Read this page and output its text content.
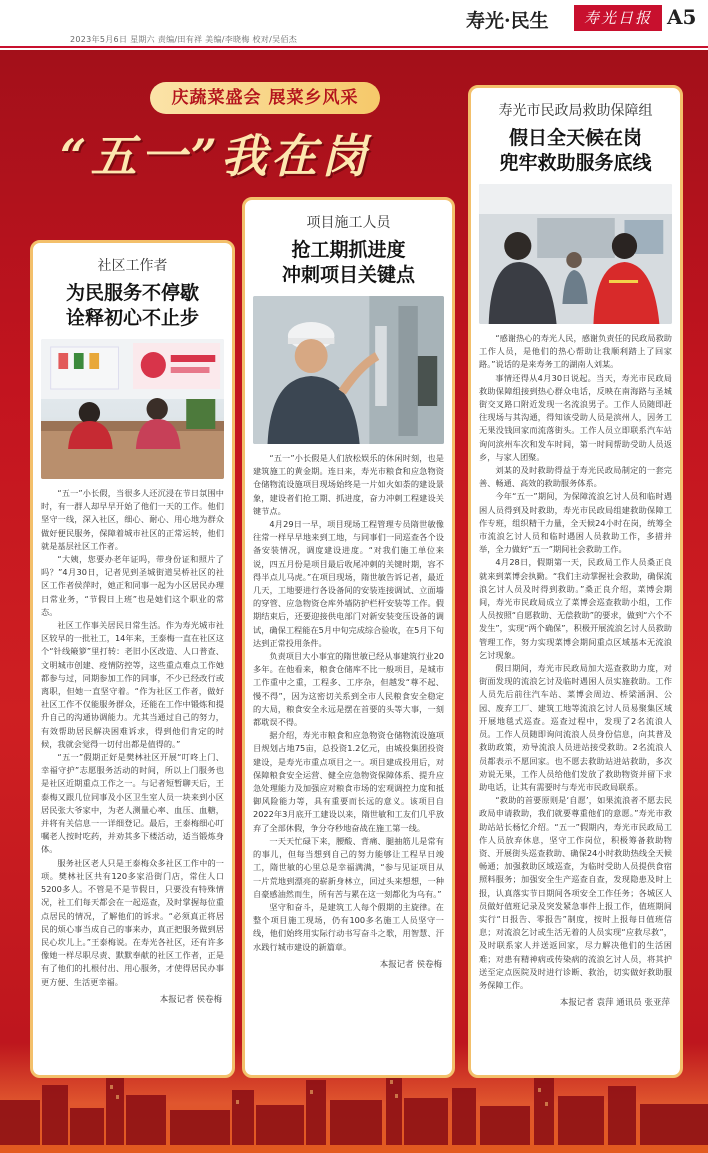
寿光·民生	寿光日报 A5
2023年5月6日 星期六 责编/田有祥 美编/李晓梅 校对/吴佰杰
庆蔬菜盛会 展菜乡风采
“五一”我在岗
社区工作者
为民服务不停歇
诠释初心不止步

“五一”小长假，当很多人还沉浸在节日氛围中时，有一群人却早早开始了他们一天的工作。他们坚守一线，深入社区，细心、耐心、用心地为群众做好便民服务，保障着城市社区的正常运转，他们就是基层社区工作者。

“大姨，您要办老年证吗，带身份证和照片了吗？”4月30日，记者见到圣城街道吴桥社区的社区工作者侯萍时，她正和同事一起为小区居民办理日常业务，“节假日上班”也是她们这个职业的常态。

社区工作事关居民日常生活。作为寿光城市社区较早的一批社工，14年来，王泰梅一直在社区这个“针线簸箩”里打转：老旧小区改造、人口普查、文明城市创建、疫情防控等，这些重点难点工作她都参与过，同期参加工作的同事，不少已经改行或离职，但她一直坚守着。“作为社区工作者，做好社区工作不仅能服务群众，还能在工作中锻炼和提升自己的沟通协调能力。尤其当通过自己的努力，有效帮助居民解决困难诉求，得到他们肯定的时候，我就会觉得一切付出都是值得的。”

“五一”假期正好是樊林社区开展“叮咚上门、幸福守护”志愿服务活动的时间，所以上门服务也是社区近期重点工作之一。与记者短暂聊天后，王泰梅又跟几位同事及小区卫生室人员一块来到小区居民张大爷家中，为老人测量心率、血压、血糖，并将有关信息一一详细登记。最后，王泰梅细心叮嘱老人按时吃药，并劝其多下楼活动，适当锻炼身体。

服务社区老人只是王泰梅众多社区工作中的一项。樊林社区共有120多家沿街门店，常住人口5200多人。不管是不是节假日，只要没有特殊情况，社工们每天都会在一起巡查，及时掌握每位重点居民的情况，了解他们的诉求。“必须真正将居民的烦心事当成自己的事来办，真正把服务做到居民心坎儿上。”王泰梅说。在寿光各社区，还有许多像她一样尽职尽责、默默奉献的社区工作者，正是有了他们的扎根付出、用心服务，才使得居民办事更方便、生活更幸福。

本报记者 侯卷梅
项目施工人员
抢工期抓进度
冲刺项目关键点

“五一”小长假是人们放松娱乐的休闲时刻，也是建筑施工的黄金期。连日来，寿光市粮食和应急物资仓储物流设施项目现场始终是一片如火如荼的建设景象，建设者们抢工期、抓进度，奋力冲刺工程建设关键节点。

4月29日一早，项目现场工程管理专员隋世敏像往常一样早早地来到工地，与同事们一同巡查各个设备安装情况，调度建设进度。“对我们施工单位来说，四五月份是项目最后收尾冲刺的关键时期，容不得半点儿马虎。”在项目现场，隋世敏告诉记者，最近几天，工地要进行各设备间的安装连接调试、立面墙的穿管、应急物资仓库外墙防护栏杆安装等工作。假期结束后，还要迎接供电部门对新安装变压设备的调试，确保工程能在5月中旬完成综合验收，在5月下旬达到正常投用条件。

负责项目大小事宜的隋世敏已经从事建筑行业20多年。在他看来，粮食仓储库不比一般项目，是城市工作重中之重，工程多、工序杂，但越发“尊不起、慢不得”，因为这密切关系到全市人民粮食安全稳定的大局，粮食安全永远是摆在首要的头等大事，一刻都耽误不得。

据介绍，寿光市粮食和应急物资仓储物流设施项目规划占地75亩，总投资1.2亿元，由城投集团投资建设，是寿光市重点项目之一。项目建成投用后，对保障粮食安全运营、健全应急物资保障体系、提升应急处理能力及加强应对粮食市场的宏观调控力度和抵御风险能力等，具有重要而长远的意义。该项目自2022年3月底开工建设以来，隋世敏和工友们几乎放弃了全部休假，争分夺秒地奋战在施工第一线。

一天天忙碌下来，腰酸、背痛、腿抽筋儿是常有的事儿，但每当想到自己的努力能够让工程早日竣工，隋世敏的心里总是幸福满满，“参与见证项目从一片荒地到漂亮的崭新身林立，回过头来想想，一种自豪感油然而生，所有苦与累在这一刻都化为乌有。”

坚守和奋斗，是建筑工人每个假期的主旋律。在整个项目施工现场，仍有100多名施工人员坚守一线，他们始终用实际行动书写奋斗之歌，用智慧、汗水践行城市建设的新篇章。

本报记者 侯卷梅
寿光市民政局救助保障组
假日全天候在岗
兜牢救助服务底线

“感谢热心的寿光人民，感谢负责任的民政局救助工作人员，是他们的热心帮助让我顺利踏上了回家路。”说话的是来寿务工的湖南人刘某。

事情还得从4月30日说起。当天，寿光市民政局救助保障组接到热心群众电话，反映在南海路与圣城街交叉路口附近发现一名流浪男子。工作人员随即赶往现场与其沟通，得知该受助人员是滨州人，因务工无果没钱回家而流落街头。工作人员立即联系汽车站询问滨州车次和发车时间，第一时间帮助受助人员返乡，与家人团聚。

刘某的及时救助得益于寿光民政局制定的一套完善、畅通、高效的救助服务体系。

今年“五一”期间，为保障流浪乞讨人员和临时遇困人员得到及时救助，寿光市民政局组建救助保障工作专班，组织精干力量，全天候24小时在岗，统筹全市流浪乞讨人员和临时遇困人员救助工作，多措并举，全力做好“五一”期间社会救助工作。

4月28日，假期第一天，民政局工作人员桑正良就来到菜博会执勤。“我们主动掌握社会救助，确保流浪乞讨人员及时得到救助。”桑正良介绍，菜博会期间，寿光市民政局成立了菜博会巡查救助小组，工作人员按照“自愿救助、无偿救助”的要求，做到“六个不发生”，实现“两个确保”，积极开展流浪乞讨人员救助管理工作，努力实现菜博会期间重点区域基本无流浪乞讨现象。

假日期间，寿光市民政局加大巡查救助力度，对街面发现的流浪乞讨及临时遇困人员实施救助。工作人员先后前往汽车站、菜博会周边、桥梁涵洞、公园、废弃工厂、建筑工地等流浪乞讨人员易聚集区域开展地毯式巡查。巡查过程中，发现了2名流浪人员。工作人员随即询问流浪人员身份信息，向其普及救助政策，劝导流浪人员进站接受救助。2名流浪人员都表示不愿回家。也不愿去救助站进站救助，多次劝说无果，工作人员给他们发放了救助物资并留下求助电话，让其有需要时与寿光市民政局联系。

“救助的首要原则是‘自愿’，如果流浪者不愿去民政局申请救助，我们就要尊重他们的意愿。”寿光市救助站站长杨忆介绍。“五一”假期内，寿光市民政局工作人员放弃休息，坚守工作岗位，积极筹备救助物资、开展街头巡查救助、确保24小时救助热线全天候畅通；加强救助区域巡查，为临时受助人员提供食宿照料服务；加强安全生产巡查自查，发现隐患及时上报，认真落实节日期间各项安全工作任务；各城区人员做好值班记录及突发紧急事件上报工作，值班期间实行“日报告、零报告”制度，按时上报每日值班信息；对流浪乞讨或生活无着的人员实现“应救尽救”，及时联系家人并送返回家，尽力解决他们的生活困难；对患有精神病或传染病的流浪乞讨人员，将其护送至定点医院及时进行诊断、救治，切实做好救助服务保障工作。

本报记者 袁萍 通讯员 张亚萍
